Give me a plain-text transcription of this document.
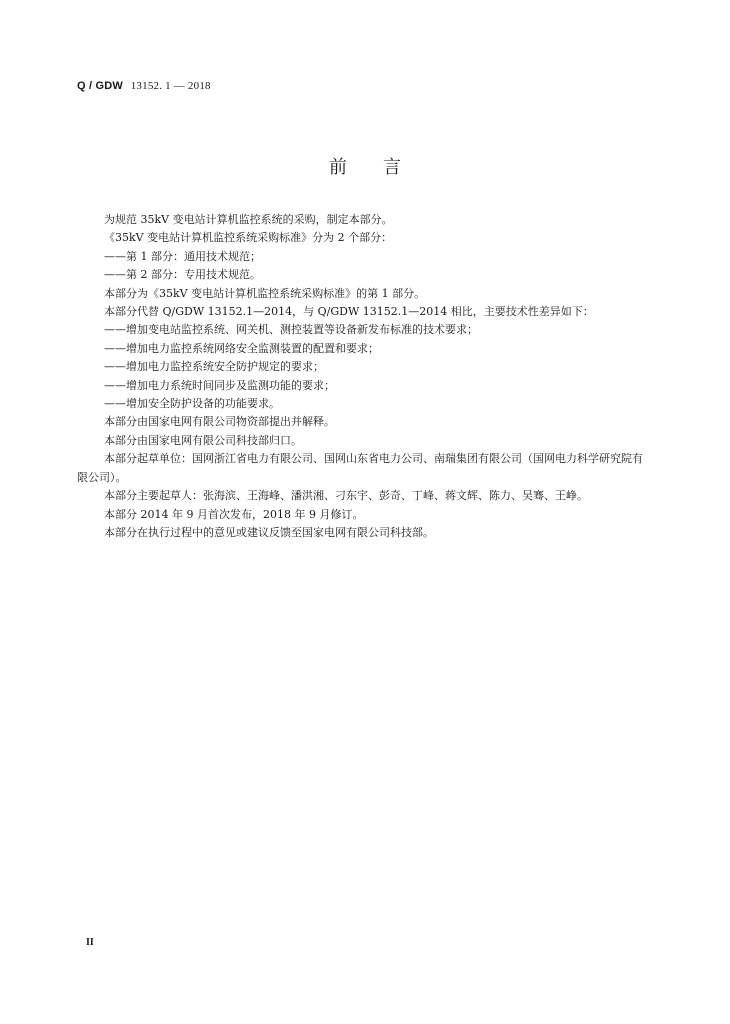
Q / GDW 13152. 1 — 2018
前言

为规范 35kV 变电站计算机监控系统的采购，制定本部分。

《35kV 变电站计算机监控系统采购标准》分为 2 个部分：

——第 1 部分：通用技术规范；

——第 2 部分：专用技术规范。

本部分为《35kV 变电站计算机监控系统采购标准》的第 1 部分。

本部分代替 Q/GDW 13152.1—2014，与 Q/GDW 13152.1—2014 相比，主要技术性差异如下：

——增加变电站监控系统、网关机、测控装置等设备新发布标准的技术要求；

——增加电力监控系统网络安全监测装置的配置和要求；

——增加电力监控系统安全防护规定的要求；

——增加电力系统时间同步及监测功能的要求；

——增加安全防护设备的功能要求。

本部分由国家电网有限公司物资部提出并解释。

本部分由国家电网有限公司科技部归口。

本部分起草单位：国网浙江省电力有限公司、国网山东省电力公司、南瑞集团有限公司（国网电力科学研究院有限公司）。

本部分主要起草人：张海滨、王海峰、潘洪湘、刁东宇、彭奇、丁峰、蒋文辉、陈力、吴骞、王峥。

本部分 2014 年 9 月首次发布，2018 年 9 月修订。

本部分在执行过程中的意见或建议反馈至国家电网有限公司科技部。

II
